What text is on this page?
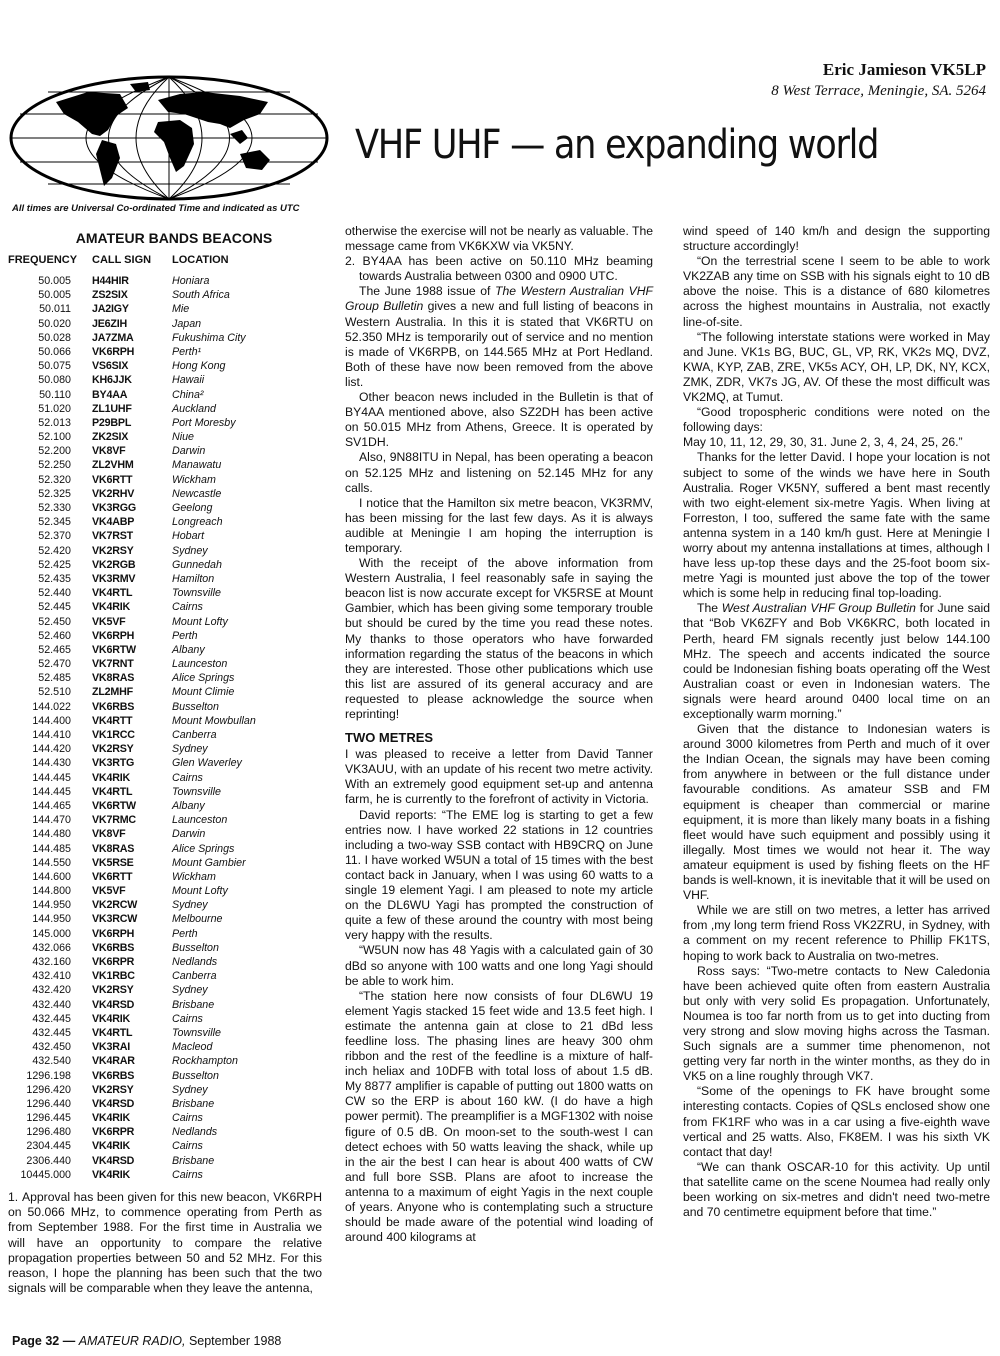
Eric Jamieson VK5LP
8 West Terrace, Meningie, SA. 5264
VHF UHF — an expanding world
All times are Universal Co-ordinated Time and indicated as UTC
AMATEUR BANDS BEACONS
FREQUENCY	CALL SIGN	LOCATION
50.005	H44HIR	Honiara
50.005	ZS2SIX	South Africa
50.011	JA2IGY	Mie
50.020	JE6ZIH	Japan
50.028	JA7ZMA	Fukushima City
50.066	VK6RPH	Perth¹
50.075	VS6SIX	Hong Kong
50.080	KH6JJK	Hawaii
50.110	BY4AA	China²
51.020	ZL1UHF	Auckland
52.013	P29BPL	Port Moresby
52.100	ZK2SIX	Niue
52.200	VK8VF	Darwin
52.250	ZL2VHM	Manawatu
52.320	VK6RTT	Wickham
52.325	VK2RHV	Newcastle
52.330	VK3RGG	Geelong
52.345	VK4ABP	Longreach
52.370	VK7RST	Hobart
52.420	VK2RSY	Sydney
52.425	VK2RGB	Gunnedah
52.435	VK3RMV	Hamilton
52.440	VK4RTL	Townsville
52.445	VK4RIK	Cairns
52.450	VK5VF	Mount Lofty
52.460	VK6RPH	Perth
52.465	VK6RTW	Albany
52.470	VK7RNT	Launceston
52.485	VK8RAS	Alice Springs
52.510	ZL2MHF	Mount Climie
144.022	VK6RBS	Busselton
144.400	VK4RTT	Mount Mowbullan
144.410	VK1RCC	Canberra
144.420	VK2RSY	Sydney
144.430	VK3RTG	Glen Waverley
144.445	VK4RIK	Cairns
144.445	VK4RTL	Townsville
144.465	VK6RTW	Albany
144.470	VK7RMC	Launceston
144.480	VK8VF	Darwin
144.485	VK8RAS	Alice Springs
144.550	VK5RSE	Mount Gambier
144.600	VK6RTT	Wickham
144.800	VK5VF	Mount Lofty
144.950	VK2RCW	Sydney
144.950	VK3RCW	Melbourne
145.000	VK6RPH	Perth
432.066	VK6RBS	Busselton
432.160	VK6RPR	Nedlands
432.410	VK1RBC	Canberra
432.420	VK2RSY	Sydney
432.440	VK4RSD	Brisbane
432.445	VK4RIK	Cairns
432.445	VK4RTL	Townsville
432.450	VK3RAI	Macleod
432.540	VK4RAR	Rockhampton
1296.198	VK6RBS	Busselton
1296.420	VK2RSY	Sydney
1296.440	VK4RSD	Brisbane
1296.445	VK4RIK	Cairns
1296.480	VK6RPR	Nedlands
2304.445	VK4RIK	Cairns
2306.440	VK4RSD	Brisbane
10445.000	VK4RIK	Cairns
1. Approval has been given for this new beacon, VK6RPH on 50.066 MHz, to commence operating from Perth as from September 1988. For the first time in Australia we will have an opportunity to compare the relative propagation properties between 50 and 52 MHz. For this reason, I hope the planning has been such that the two signals will be comparable when they leave the antenna,

otherwise the exercise will not be nearly as valuable. The message came from VK6KXW via VK5NY.

2. BY4AA has been active on 50.110 MHz beaming towards Australia between 0300 and 0900 UTC.

The June 1988 issue of The Western Australian VHF Group Bulletin gives a new and full listing of beacons in Western Australia. In this it is stated that VK6RTU on 52.350 MHz is temporarily out of service and no mention is made of VK6RPB, on 144.565 MHz at Port Hedland. Both of these have now been removed from the above list.

Other beacon news included in the Bulletin is that of BY4AA mentioned above, also SZ2DH has been active on 50.015 MHz from Athens, Greece. It is operated by SV1DH.

Also, 9N88ITU in Nepal, has been operating a beacon on 52.125 MHz and listening on 52.145 MHz for any calls.

I notice that the Hamilton six metre beacon, VK3RMV, has been missing for the last few days. As it is always audible at Meningie I am hoping the interruption is temporary.

With the receipt of the above information from Western Australia, I feel reasonably safe in saying the beacon list is now accurate except for VK5RSE at Mount Gambier, which has been giving some temporary trouble but should be cured by the time you read these notes. My thanks to those operators who have forwarded information regarding the status of the beacons in which they are interested. Those other publications which use this list are assured of its general accuracy and are requested to please acknowledge the source when reprinting!

TWO METRES

I was pleased to receive a letter from David Tanner VK3AUU, with an update of his recent two metre activity. With an extremely good equipment set-up and antenna farm, he is currently to the forefront of activity in Victoria.

David reports: “The EME log is starting to get a few entries now. I have worked 22 stations in 12 countries including a two-way SSB contact with HB9CRQ on June 11. I have worked W5UN a total of 15 times with the best contact back in January, when I was using 60 watts to a single 19 element Yagi. I am pleased to note my article on the DL6WU Yagi has prompted the construction of quite a few of these around the country with most being very happy with the results.

“W5UN now has 48 Yagis with a calculated gain of 30 dBd so anyone with 100 watts and one long Yagi should be able to work him.

“The station here now consists of four DL6WU 19 element Yagis stacked 15 feet wide and 13.5 feet high. I estimate the antenna gain at close to 21 dBd less feedline loss. The phasing lines are heavy 300 ohm ribbon and the rest of the feedline is a mixture of half-inch heliax and 10DFB with total loss of about 1.5 dB. My 8877 amplifier is capable of putting out 1800 watts on CW so the ERP is about 160 kW. (I do have a high power permit). The preamplifier is a MGF1302 with noise figure of 0.5 dB. On moon-set to the south-west I can detect echoes with 50 watts leaving the shack, while up in the air the best I can hear is about 400 watts of CW and full bore SSB. Plans are afoot to increase the antenna to a maximum of eight Yagis in the next couple of years. Anyone who is contemplating such a structure should be made aware of the potential wind loading of around 400 kilograms at

wind speed of 140 km/h and design the supporting structure accordingly!

“On the terrestrial scene I seem to be able to work VK2ZAB any time on SSB with his signals eight to 10 dB above the noise. This is a distance of 680 kilometres across the highest mountains in Australia, not exactly line-of-site.

“The following interstate stations were worked in May and June. VK1s BG, BUC, GL, VP, RK, VK2s MQ, DVZ, KWA, KYP, ZAB, ZRE, VK5s ACY, OH, LP, DK, NY, KCX, ZMK, ZDR, VK7s JG, AV. Of these the most difficult was VK2MQ, at Tumut.

“Good tropospheric conditions were noted on the following days:

May 10, 11, 12, 29, 30, 31. June 2, 3, 4, 24, 25, 26.”

Thanks for the letter David. I hope your location is not subject to some of the winds we have here in South Australia. Roger VK5NY, suffered a bent mast recently with two eight-element six-metre Yagis. When living at Forreston, I too, suffered the same fate with the same antenna system in a 140 km/h gust. Here at Meningie I worry about my antenna installations at times, although I have less up-top these days and the 25-foot boom six-metre Yagi is mounted just above the top of the tower which is some help in reducing final top-loading.

The West Australian VHF Group Bulletin for June said that “Bob VK6ZFY and Bob VK6KRC, both located in Perth, heard FM signals recently just below 144.100 MHz. The speech and accents indicated the source could be Indonesian fishing boats operating off the West Australian coast or even in Indonesian waters. The signals were heard around 0400 local time on an exceptionally warm morning.”

Given that the distance to Indonesian waters is around 3000 kilometres from Perth and much of it over the Indian Ocean, the signals may have been coming from anywhere in between or the full distance under favourable conditions. As amateur SSB and FM equipment is cheaper than commercial or marine equipment, it is more than likely many boats in a fishing fleet would have such equipment and possibly using it illegally. Most times we would not hear it. The way amateur equipment is used by fishing fleets on the HF bands is well-known, it is inevitable that it will be used on VHF.

While we are still on two metres, a letter has arrived from ,my long term friend Ross VK2ZRU, in Sydney, with a comment on my recent reference to Phillip FK1TS, hoping to work back to Australia on two-metres.

Ross says: “Two-metre contacts to New Caledonia have been achieved quite often from eastern Australia but only with very solid Es propagation. Unfortunately, Noumea is too far north from us to get into ducting from very strong and slow moving highs across the Tasman. Such signals are a summer time phenomenon, not getting very far north in the winter months, as they do in VK5 on a line roughly through VK7.

“Some of the openings to FK have brought some interesting contacts. Copies of QSLs enclosed show one from FK1RF who was in a car using a five-eighth wave vertical and 25 watts. Also, FK8EM. I was his sixth VK contact that day!

“We can thank OSCAR-10 for this activity. Up until that satellite came on the scene Noumea had really only been working on six-metres and didn't need two-metre and 70 centimetre equipment before that time.”

Page 32 — AMATEUR RADIO, September 1988
